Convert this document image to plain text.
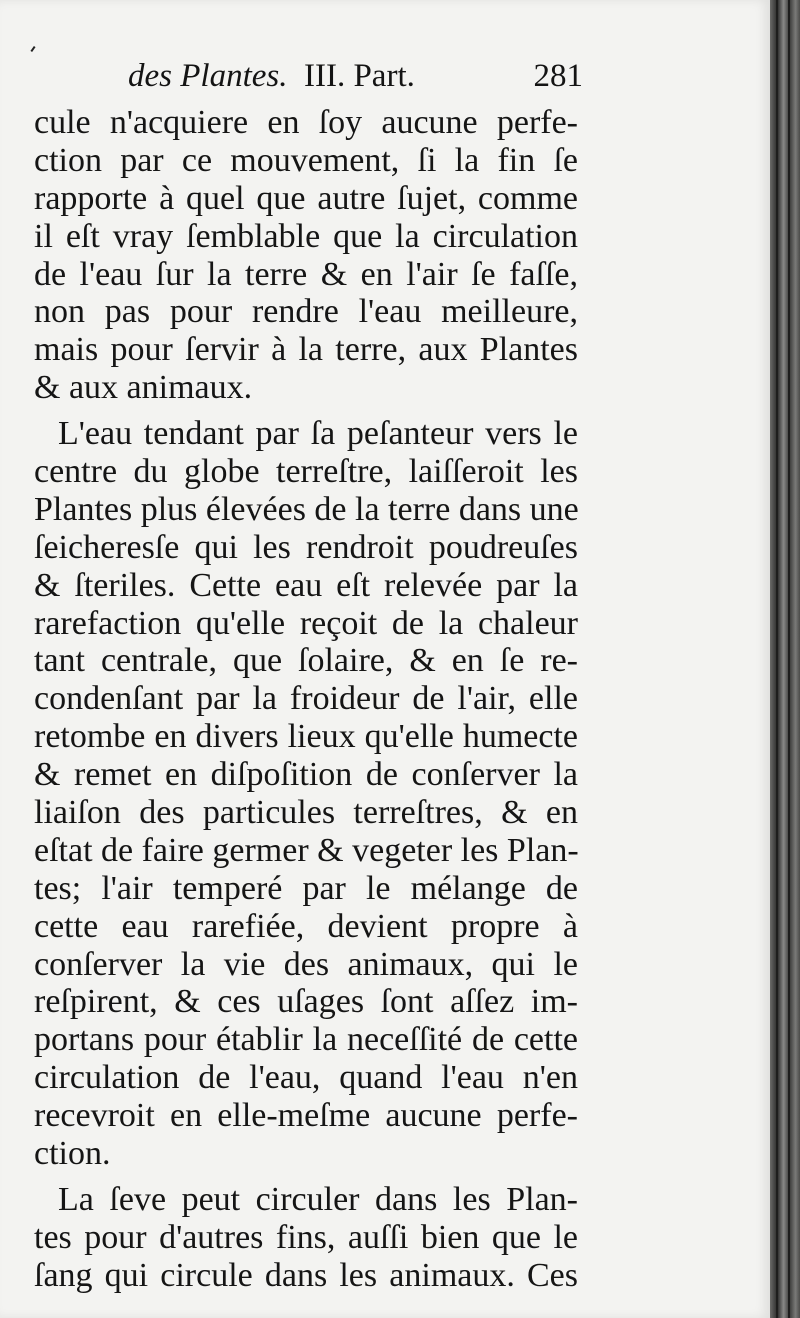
des Plantes. III. Part.	281
cule n'acquiere en ſoy aucune perfe-
ction par ce mouvement, ſi la fin ſe
rapporte à quel que autre ſujet, comme
il eſt vray ſemblable que la circulation
de l'eau ſur la terre & en l'air ſe faſſe,
non pas pour rendre l'eau meilleure,
mais pour ſervir à la terre, aux Plantes
& aux animaux.
L'eau tendant par ſa peſanteur vers le
centre du globe terreſtre, laiſſeroit les
Plantes plus élevées de la terre dans une
ſeicheresſe qui les rendroit poudreuſes
& ſteriles. Cette eau eſt relevée par la
rarefaction qu'elle reçoit de la chaleur
tant centrale, que ſolaire, & en ſe re-
condenſant par la froideur de l'air, elle
retombe en divers lieux qu'elle humecte
& remet en diſpoſition de conſerver la
liaiſon des particules terreſtres, & en
eſtat de faire germer & vegeter les Plan-
tes; l'air temperé par le mélange de
cette eau rarefiée, devient propre à
conſerver la vie des animaux, qui le
reſpirent, & ces uſages ſont aſſez im-
portans pour établir la neceſſité de cette
circulation de l'eau, quand l'eau n'en
recevroit en elle-meſme aucune perfe-
ction.
La ſeve peut circuler dans les Plan-
tes pour d'autres fins, auſſi bien que le
ſang qui circule dans les animaux. Ces
